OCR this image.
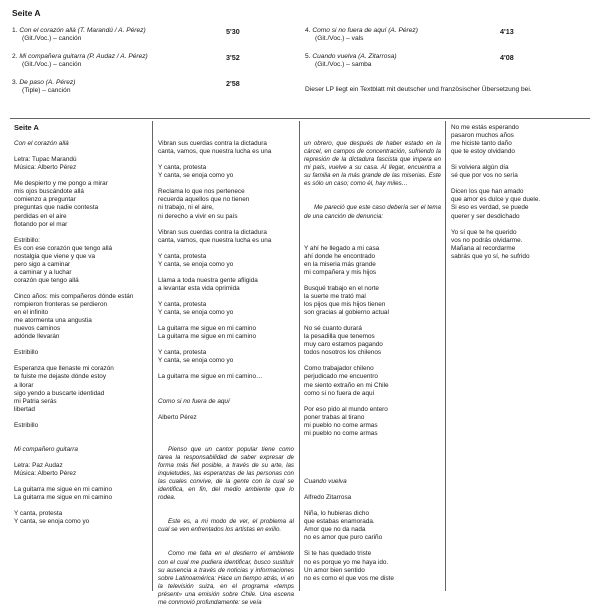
Seite A
1. Con el corazón allá (T. Marandú / A. Pérez)
(Git./Voc.) – canción
5'30
2. Mi compañera guitarra (P. Audaz / A. Pérez)
(Git./Voc.) – canción
3'52
3. De paso (A. Pérez)
(Tiple) – canción
2'58
4. Como si no fuera de aquí (A. Pérez)
(Git./Voc.) – vals
4'13
5. Cuando vuelva (A. Zitarrosa)
(Git./Voc.) – samba
4'08
Dieser LP liegt ein Textblatt mit deutscher und französischer Übersetzung bei.
Seite A
Con el corazón allá
Letra: Tupac Marandú
Música: Alberto Pérez
Me despierto y me pongo a mirar
mis ojos buscándote allá
comienzo a preguntar
preguntas que nadie contesta
perdidas en el aire
flotando por el mar
Estribillo:
Es con ese corazón que tengo allá
nostalgia que viene y que va
pero sigo a caminar
a caminar y a luchar
corazón que tengo allá
Cinco años: mis compañeros dónde están
rompieron fronteras se perdieron
en el infinito
me atormenta una angustia
nuevos caminos
adónde llevarán
Estribillo
Esperanza que llenaste mi corazón
te fuiste me dejaste dónde estoy
a llorar
sigo yendo a buscarte identidad
mi Patria serás
libertad
Estribillo
Mi compañero guitarra
Letra: Paz Audaz
Música: Alberto Pérez
La guitarra me sigue en mi camino
La guitarra me sigue en mi camino
Y canta, protesta
Y canta, se enoja como yo

Vibran sus cuerdas contra la dictadura
canta, vamos, que nuestra lucha es una
Y canta, protesta
Y canta, se enoja como yo
Reclama lo que nos pertenece
recuerda aquellos que no tienen
ni trabajo, ni el aire,
ni derecho a vivir en su país
Vibran sus cuerdas contra la dictadura
canta, vamos, que nuestra lucha es una
Y canta, protesta
Y canta, se enoja como yo
Llama a toda nuestra gente afligida
a levantar esta vida oprimida
Y canta, protesta
Y canta, se enoja como yo
La guitarra me sigue en mi camino
La guitarra me sigue en mi camino
Y canta, protesta
Y canta, se enoja como yo
La guitarra me sigue en mi camino…
Como si no fuera de aquí
Alberto Pérez

Pienso que un cantor popular tiene como tarea la responsabilidad de saber expresar de forma más fiel posible, a través de su arte, las inquietudes, las esperanzas de las personas con las cuales convive, de la gente con la cual se identifica, en fin, del medio ambiente que lo rodea.

Este es, a mi modo de ver, el problema al cual se ven enfrentados los artistas en exilio.

Como me falta en el destierro el ambiente con el cual me pudiera identificar, busco sustituir su ausencia a través de noticias y informaciones sobre Latinoamérica: Hace un tiempo atrás, vi en la televisión suiza, en el programa «temps présent» una emisión sobre Chile. Una escena me conmovió profundamente: se veía

un obrero, que después de haber estado en la cárcel, en campos de concentración, sufriendo la represión de la dictadura fascista que impera en mi país, vuelve a su casa. Al llegar, encuentra a su familia en la más grande de las miserias. Este es sólo un caso; como él, hay miles…

Me pareció que este caso debería ser el tema de una canción de denuncia:

Y ahí he llegado a mi casa
ahí donde he encontrado
en la miseria más grande
mi compañera y mis hijos
Busqué trabajo en el norte
la suerte me trató mal
los pijos que mis hijos tienen
son gracias al gobierno actual
No sé cuanto durará
la pesadilla que tenemos
muy caro estamos pagando
todos nosotros los chilenos
Como trabajador chileno
perjudicado me encuentro
me siento extraño en mi Chile
como si no fuera de aquí
Por eso pido al mundo entero
poner trabas al tirano
mi pueblo no come armas
mi pueblo no come armas
Cuando vuelva
Alfredo Zitarrosa
Niña, lo hubieras dicho
que estabas enamorada.
Amor que no da nada
no es amor que puro cariño
Si te has quedado triste
no es porque yo me haya ido.
Un amor bien sentido
no es como el que vos me diste

No me estás esperando
pasaron muchos años
me hiciste tanto daño
que te estoy olvidando
Si volviera algún día
sé que por vos no sería
Dicen los que han amado
que amor es dulce y que duele.
Si eso es verdad, se puede
querer y ser desdichado
Yo sí que te he querido
vos no podrás olvidarme.
Mañana al recordarme
sabrás que yo sí, he sufrido
